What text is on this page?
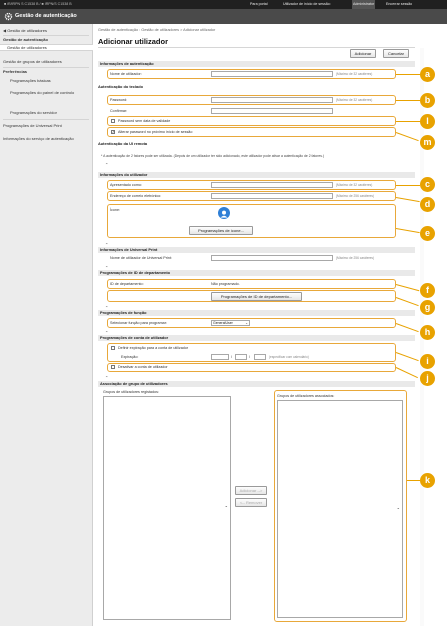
■ iR/IRPN S C1538 B / ■ IRPN/S C1538 B	Para portal	Utilizador de início de sessão:	Administrator	Encerrar sessão
Gestão de autenticação
◀ Gestão de utilizadores
Gestão de autenticação
Gestão de utilizadores
Gestão de grupos de utilizadores
Preferências
Programações básicas
Programações do painel de controlo
Programações do servidor
Programações de Universal Print
Informações do serviço de autenticação
Gestão de autenticação : Gestão de utilizadores > Adicionar utilizador
Adicionar utilizador
Adicionar	Cancelar
Informações de autenticação
Nome de utilizador:	(Máximo de 32 caráteres)
Autenticação do teclado
Password:	(Máximo de 32 caráteres)
Confirmar:
Password sem data de validade
✓ Alterar password no próximo início de sessão
Autenticação da UI remota
* A autenticação de 2 fatores pode ser utilizada. (Depois de um utilizador ter sido adicionado, este utilizador pode ativar a autenticação de 2 fatores.)
⌃
Informações do utilizador
Apresentado como:	(Máximo de 32 caráteres)
Endereço de correio eletrónico:	(Máximo de 256 caráteres)
Ícone:
Programações de ícone...
⌃
Informações de Universal Print
Nome de utilizador de Universal Print:	(Máximo de 256 caráteres)
⌃
Programações de ID de departamento
ID de departamento:	Não programado.
Programações de ID de departamento...
⌃
Programações de função
Selecionar função para programar:	GeneralUser	⌄
⌃
Programações de conta de utilizador
Definir expiração para a conta de utilizador
Expiração:	/	/	(especificar com calendário)
Desativar a conta de utilizador
⌃
Associação de grupo de utilizadores
Grupos de utilizadores registados:
⌄
Adicionar -->
<-- Remover
Grupos de utilizadores associados:
⌄
a
b
l
m
c
d
e
f
g
h
i
j
k
